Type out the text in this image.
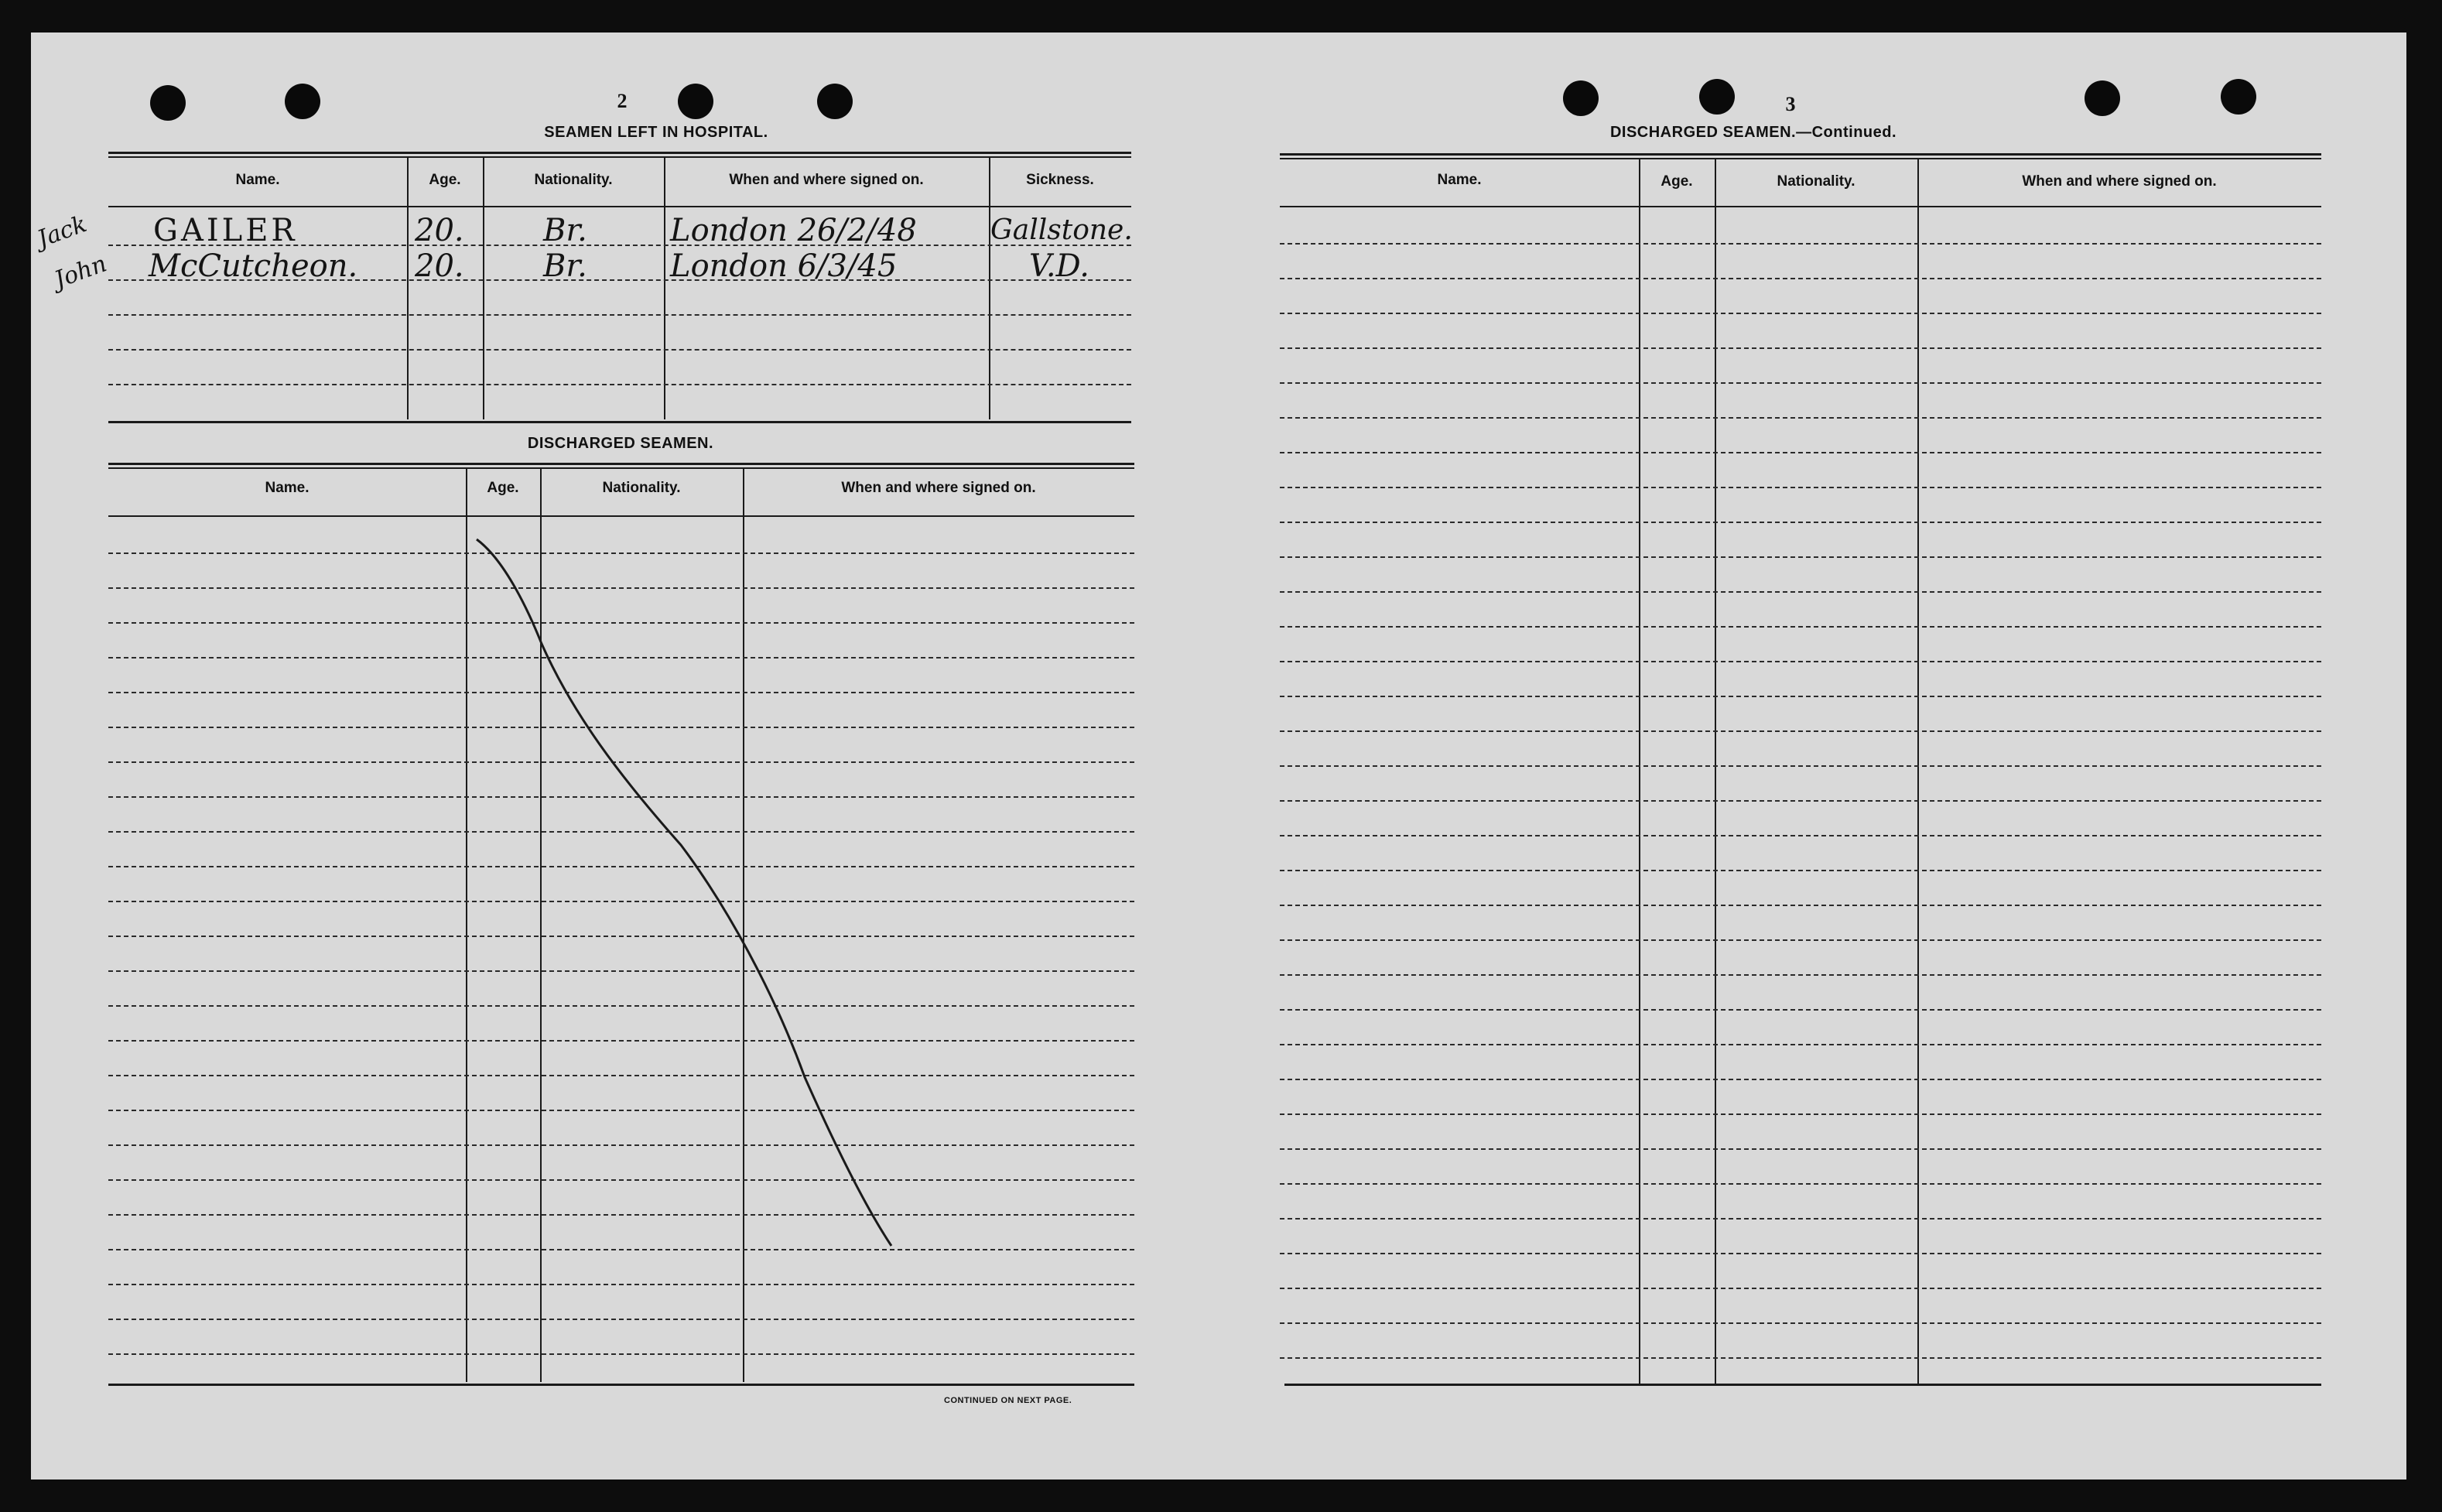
2
SEAMEN LEFT IN HOSPITAL.
Name.	Age.	Nationality.	When and where signed on.	Sickness.
Jack GAILER	20.	Br.	London 26/2/48	Gallstone.
John McCutcheon. 20.	Br.	London 6/3/45	V.D.
DISCHARGED SEAMEN.
Name.	Age.	Nationality.	When and where signed on.
CONTINUED ON NEXT PAGE.
3
DISCHARGED SEAMEN.—Continued.
Name.	Age.	Nationality.	When and where signed on.
